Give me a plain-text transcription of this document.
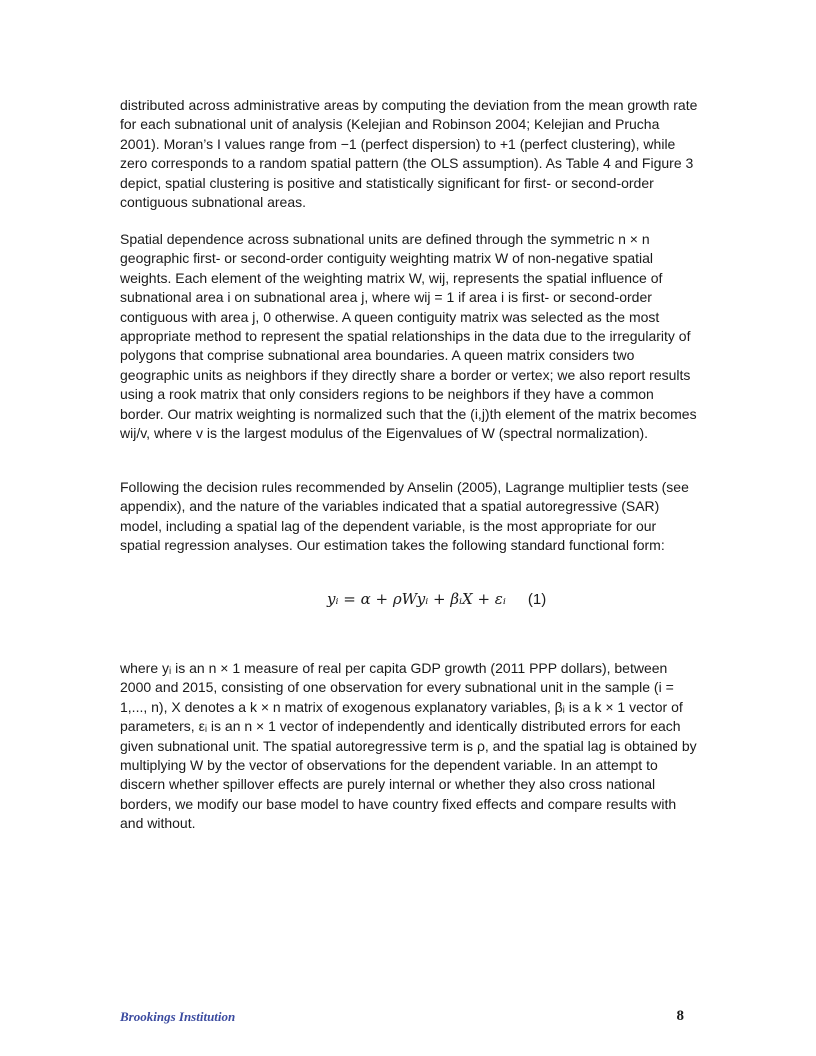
distributed across administrative areas by computing the deviation from the mean growth rate for each subnational unit of analysis (Kelejian and Robinson 2004; Kelejian and Prucha 2001). Moran’s I values range from −1 (perfect dispersion) to +1 (perfect clustering), while zero corresponds to a random spatial pattern (the OLS assumption). As Table 4 and Figure 3 depict, spatial clustering is positive and statistically significant for first- or second-order contiguous subnational areas.

Spatial dependence across subnational units are defined through the symmetric n × n geographic first- or second-order contiguity weighting matrix W of non-negative spatial weights. Each element of the weighting matrix W, wij, represents the spatial influence of subnational area i on subnational area j, where wij = 1 if area i is first- or second-order contiguous with area j, 0 otherwise. A queen contiguity matrix was selected as the most appropriate method to represent the spatial relationships in the data due to the irregularity of polygons that comprise subnational area boundaries. A queen matrix considers two geographic units as neighbors if they directly share a border or vertex; we also report results using a rook matrix that only considers regions to be neighbors if they have a common border. Our matrix weighting is normalized such that the (i,j)th element of the matrix becomes wij/v, where v is the largest modulus of the Eigenvalues of W (spectral normalization).

Following the decision rules recommended by Anselin (2005), Lagrange multiplier tests (see appendix), and the nature of the variables indicated that a spatial autoregressive (SAR) model, including a spatial lag of the dependent variable, is the most appropriate for our spatial regression analyses. Our estimation takes the following standard functional form:

yᵢ = α + ρWyᵢ + βᵢX + εᵢ (1)

where yᵢ is an n × 1 measure of real per capita GDP growth (2011 PPP dollars), between 2000 and 2015, consisting of one observation for every subnational unit in the sample (i = 1,..., n), X denotes a k × n matrix of exogenous explanatory variables, βᵢ is a k × 1 vector of parameters, εᵢ is an n × 1 vector of independently and identically distributed errors for each given subnational unit. The spatial autoregressive term is ρ, and the spatial lag is obtained by multiplying W by the vector of observations for the dependent variable. In an attempt to discern whether spillover effects are purely internal or whether they also cross national borders, we modify our base model to have country fixed effects and compare results with and without.

Brookings Institution	8
